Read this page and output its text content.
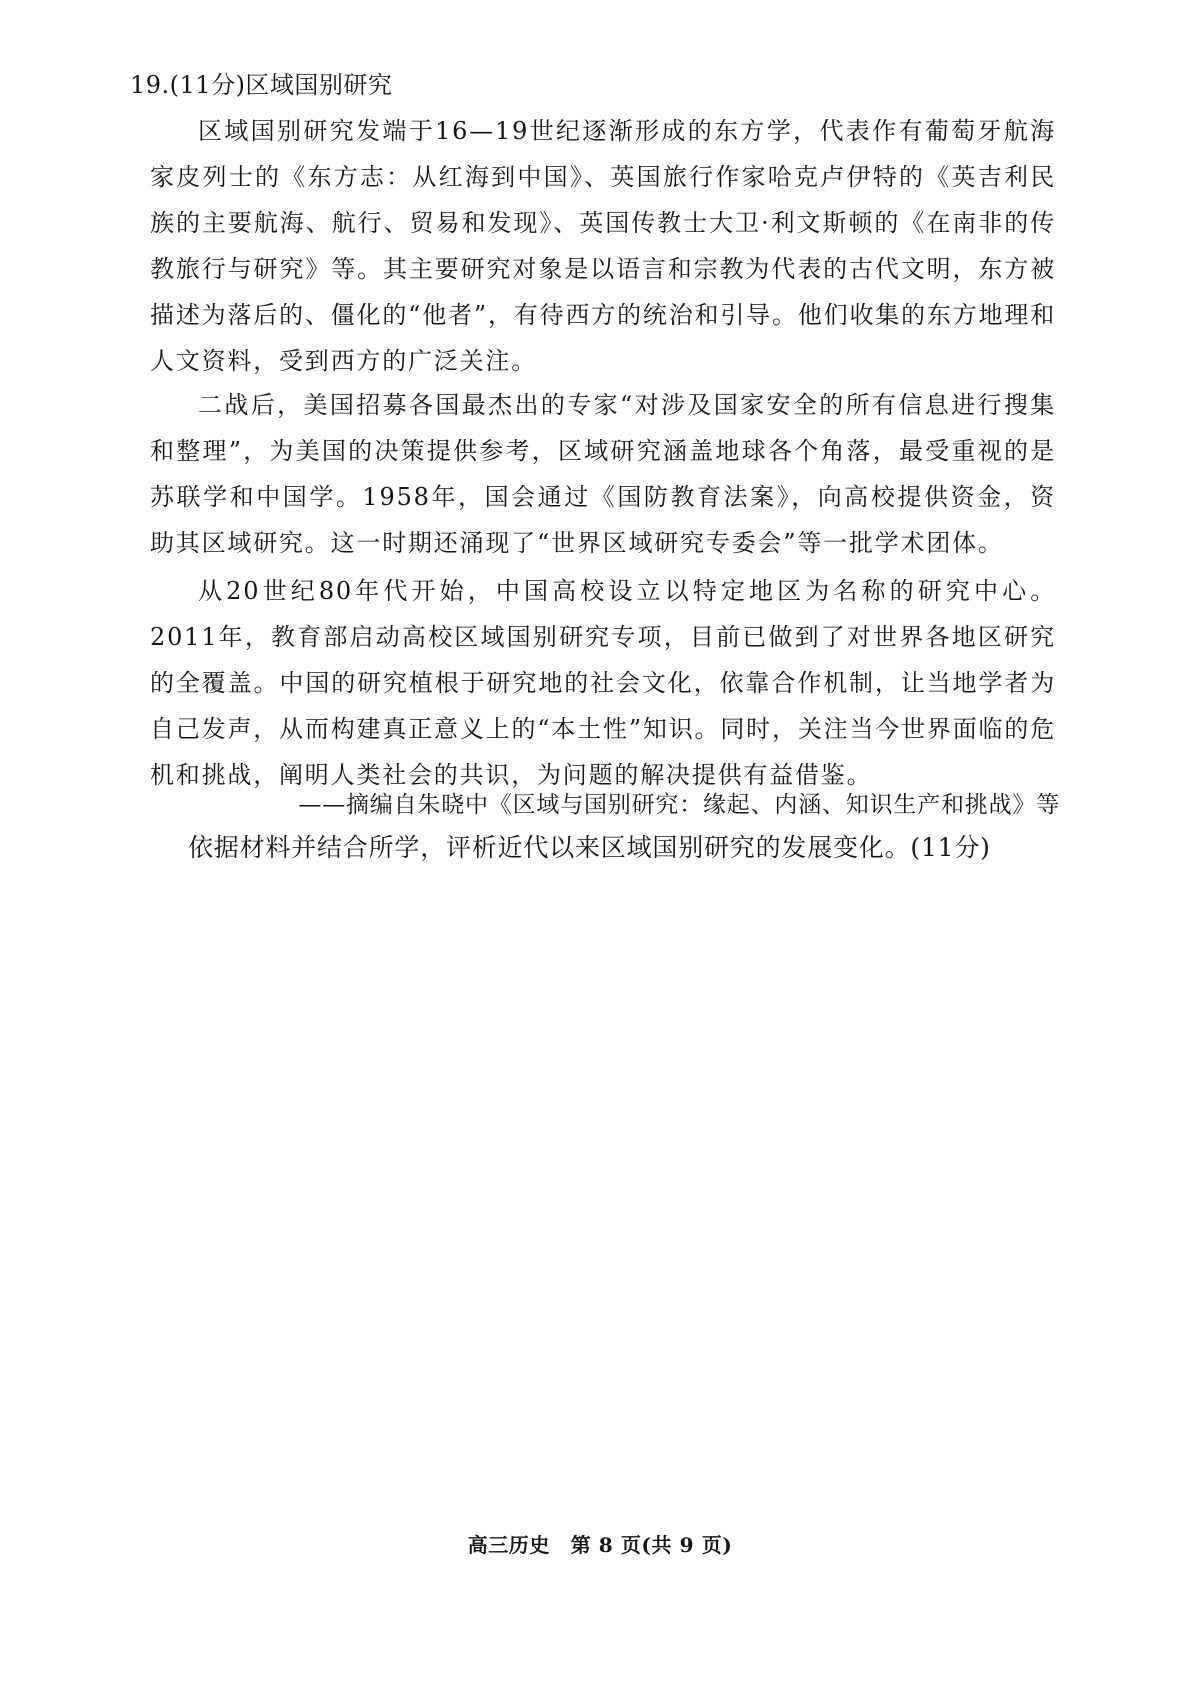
19.(11分)区域国别研究

区域国别研究发端于16—19世纪逐渐形成的东方学，代表作有葡萄牙航海家皮列士的《东方志：从红海到中国》、英国旅行作家哈克卢伊特的《英吉利民族的主要航海、航行、贸易和发现》、英国传教士大卫·利文斯顿的《在南非的传教旅行与研究》等。其主要研究对象是以语言和宗教为代表的古代文明，东方被描述为落后的、僵化的“他者”，有待西方的统治和引导。他们收集的东方地理和人文资料，受到西方的广泛关注。

二战后，美国招募各国最杰出的专家“对涉及国家安全的所有信息进行搜集和整理”，为美国的决策提供参考，区域研究涵盖地球各个角落，最受重视的是苏联学和中国学。1958年，国会通过《国防教育法案》，向高校提供资金，资助其区域研究。这一时期还涌现了“世界区域研究专委会”等一批学术团体。

从20世纪80年代开始，中国高校设立以特定地区为名称的研究中心。2011年，教育部启动高校区域国别研究专项，目前已做到了对世界各地区研究的全覆盖。中国的研究植根于研究地的社会文化，依靠合作机制，让当地学者为自己发声，从而构建真正意义上的“本土性”知识。同时，关注当今世界面临的危机和挑战，阐明人类社会的共识，为问题的解决提供有益借鉴。

——摘编自朱晓中《区域与国别研究：缘起、内涵、知识生产和挑战》等
依据材料并结合所学，评析近代以来区域国别研究的发展变化。(11分)
高三历史　第 8 页(共 9 页)
